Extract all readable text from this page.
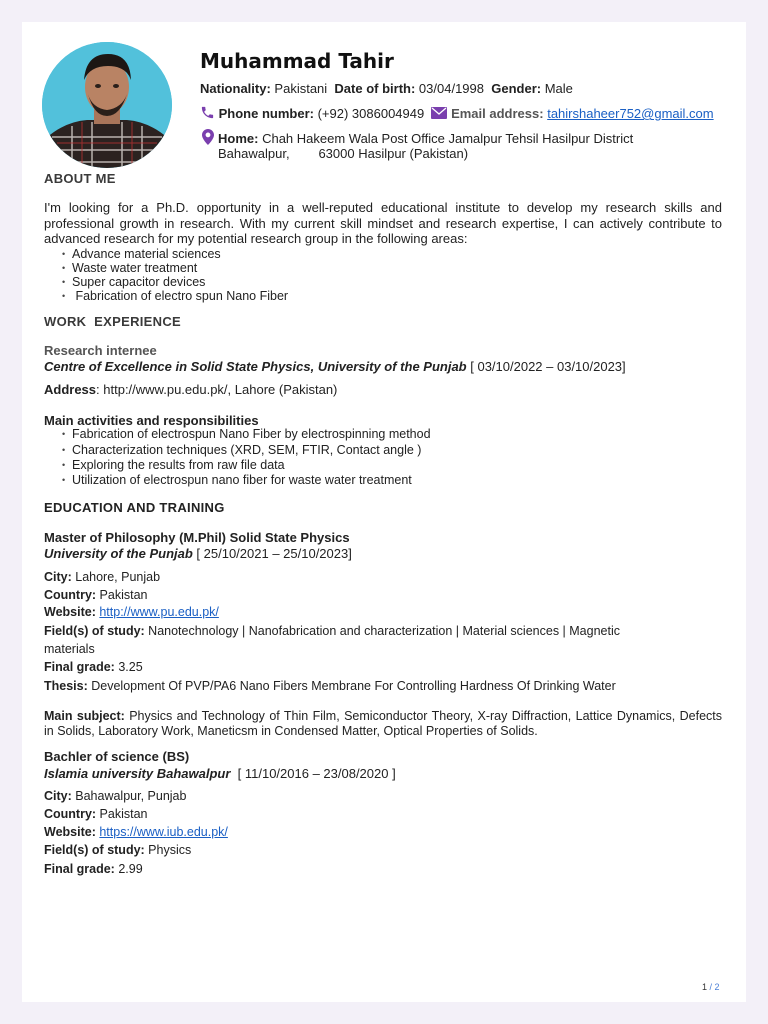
Muhammad Tahir
Nationality: Pakistani Date of birth: 03/04/1998 Gender: Male
Phone number: (+92) 3086004949 Email address: tahirshaheer752@gmail.com
Home: Chah Hakeem Wala Post Office Jamalpur Tehsil Hasilpur District
Bahawalpur,        63000 Hasilpur (Pakistan)
ABOUT ME
I'm looking for a Ph.D. opportunity in a well-reputed educational institute to develop my research skills and professional growth in research. With my current skill mindset and research expertise, I can actively contribute to advanced research for my potential research group in the following areas:
• Advance material sciences
• Waste water treatment
• Super capacitor devices
•  Fabrication of electro spun Nano Fiber
WORK  EXPERIENCE
Research internee
Centre of Excellence in Solid State Physics, University of the Punjab [ 03/10/2022 – 03/10/2023]
Address: http://www.pu.edu.pk/, Lahore (Pakistan)
Main activities and responsibilities
• Fabrication of electrospun Nano Fiber by electrospinning method
• Characterization techniques (XRD, SEM, FTIR, Contact angle )
• Exploring the results from raw file data
• Utilization of electrospun nano fiber for waste water treatment
EDUCATION AND TRAINING
Master of Philosophy (M.Phil) Solid State Physics
University of the Punjab [ 25/10/2021 – 25/10/2023]
City: Lahore, Punjab
Country: Pakistan
Website: http://www.pu.edu.pk/
Field(s) of study: Nanotechnology | Nanofabrication and characterization | Material sciences | Magnetic
materials
Final grade: 3.25
Thesis: Development Of PVP/PA6 Nano Fibers Membrane For Controlling Hardness Of Drinking Water
Main subject: Physics and Technology of Thin Film, Semiconductor Theory, X-ray Diffraction, Lattice Dynamics, Defects in Solids, Laboratory Work, Maneticsm in Condensed Matter, Optical Properties of Solids.
Bachler of science (BS)
Islamia university Bahawalpur  [ 11/10/2016 – 23/08/2020 ]
City: Bahawalpur, Punjab
Country: Pakistan
Website: https://www.iub.edu.pk/
Field(s) of study: Physics
Final grade: 2.99
1 / 2
